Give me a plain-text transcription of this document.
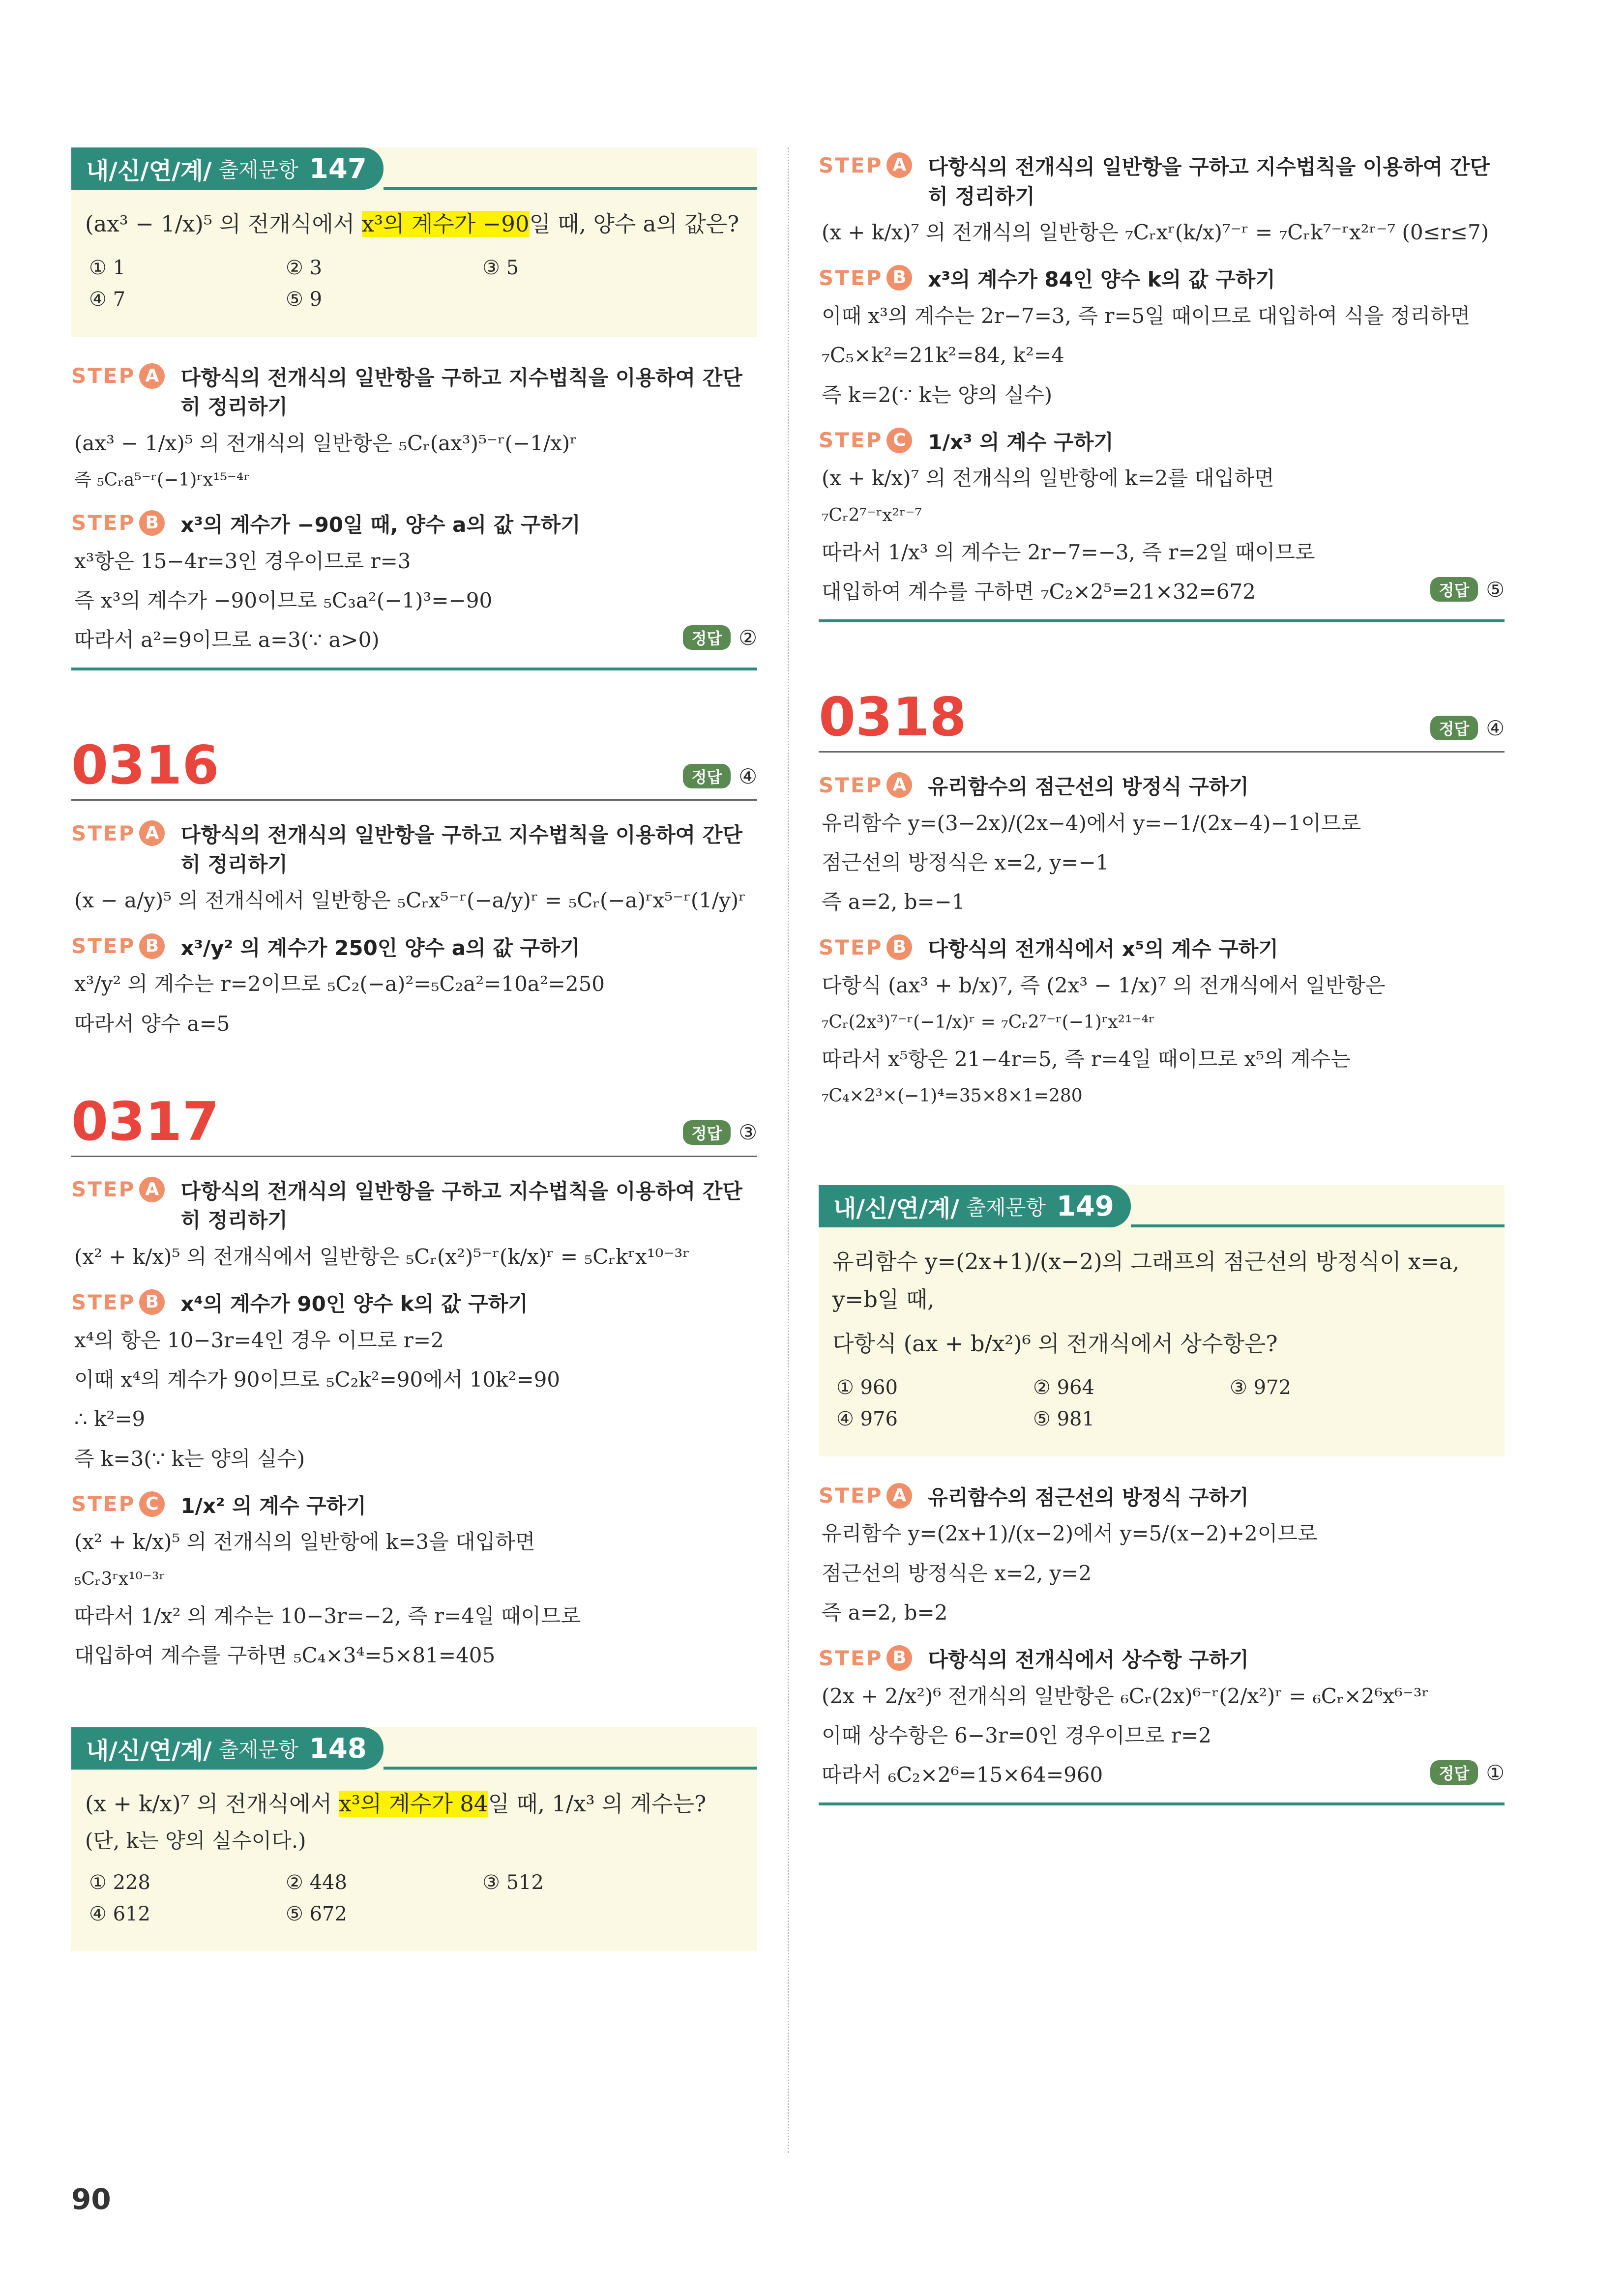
내/신/연/계/ 출제문항 147
(ax³ − 1/x)⁵ 의 전개식에서 x³의 계수가 −90일 때, 양수 a의 값은?
① 1	② 3	③ 5
④ 7	⑤ 9
STEP A 다항식의 전개식의 일반항을 구하고 지수법칙을 이용하여 간단히 정리하기
(ax³ − 1/x)⁵ 의 전개식의 일반항은 ₅Cᵣ(ax³)⁵⁻ʳ(−1/x)ʳ
즉 ₅Cᵣa⁵⁻ʳ(−1)ʳx¹⁵⁻⁴ʳ
STEP B x³의 계수가 −90일 때, 양수 a의 값 구하기
x³항은 15−4r=3인 경우이므로 r=3
즉 x³의 계수가 −90이므로 ₅C₃a²(−1)³=−90
따라서 a²=9이므로 a=3(∵ a>0)	정답 ②
0316	정답 ④
STEP A 다항식의 전개식의 일반항을 구하고 지수법칙을 이용하여 간단히 정리하기
(x − a/y)⁵ 의 전개식에서 일반항은 ₅Cᵣx⁵⁻ʳ(−a/y)ʳ = ₅Cᵣ(−a)ʳx⁵⁻ʳ(1/y)ʳ
STEP B x³/y² 의 계수가 250인 양수 a의 값 구하기
x³/y² 의 계수는 r=2이므로 ₅C₂(−a)²=₅C₂a²=10a²=250
따라서 양수 a=5
0317	정답 ③
STEP A 다항식의 전개식의 일반항을 구하고 지수법칙을 이용하여 간단히 정리하기
(x² + k/x)⁵ 의 전개식에서 일반항은 ₅Cᵣ(x²)⁵⁻ʳ(k/x)ʳ = ₅Cᵣkʳx¹⁰⁻³ʳ
STEP B x⁴의 계수가 90인 양수 k의 값 구하기
x⁴의 항은 10−3r=4인 경우 이므로 r=2
이때 x⁴의 계수가 90이므로 ₅C₂k²=90에서 10k²=90
∴ k²=9
즉 k=3(∵ k는 양의 실수)
STEP C	1/x² 의 계수 구하기
(x² + k/x)⁵ 의 전개식의 일반항에 k=3을 대입하면
₅Cᵣ3ʳx¹⁰⁻³ʳ
따라서 1/x² 의 계수는 10−3r=−2, 즉 r=4일 때이므로
대입하여 계수를 구하면 ₅C₄×3⁴=5×81=405
내/신/연/계/ 출제문항 148
(x + k/x)⁷ 의 전개식에서 x³의 계수가 84일 때, 1/x³ 의 계수는?
(단, k는 양의 실수이다.)
① 228	② 448	③ 512
④ 612	⑤ 672
STEP A 다항식의 전개식의 일반항을 구하고 지수법칙을 이용하여 간단히 정리하기
(x + k/x)⁷ 의 전개식의 일반항은 ₇Cᵣxʳ(k/x)⁷⁻ʳ = ₇Cᵣk⁷⁻ʳx²ʳ⁻⁷ (0≤r≤7)
STEP B x³의 계수가 84인 양수 k의 값 구하기
이때 x³의 계수는 2r−7=3, 즉 r=5일 때이므로 대입하여 식을 정리하면
₇C₅×k²=21k²=84, k²=4
즉 k=2(∵ k는 양의 실수)
STEP C	1/x³ 의 계수 구하기
(x + k/x)⁷ 의 전개식의 일반항에 k=2를 대입하면
₇Cᵣ2⁷⁻ʳx²ʳ⁻⁷
따라서 1/x³ 의 계수는 2r−7=−3, 즉 r=2일 때이므로
대입하여 계수를 구하면 ₇C₂×2⁵=21×32=672	정답 ⑤
0318	정답 ④
STEP A 유리함수의 점근선의 방정식 구하기
유리함수 y=(3−2x)/(2x−4)에서 y=−1/(2x−4)−1이므로
점근선의 방정식은 x=2, y=−1
즉 a=2, b=−1
STEP B 다항식의 전개식에서 x⁵의 계수 구하기
다항식 (ax³ + b/x)⁷, 즉 (2x³ − 1/x)⁷ 의 전개식에서 일반항은
₇Cᵣ(2x³)⁷⁻ʳ(−1/x)ʳ = ₇Cᵣ2⁷⁻ʳ(−1)ʳx²¹⁻⁴ʳ
따라서 x⁵항은 21−4r=5, 즉 r=4일 때이므로 x⁵의 계수는
₇C₄×2³×(−1)⁴=35×8×1=280
내/신/연/계/ 출제문항 149
유리함수 y=(2x+1)/(x−2)의 그래프의 점근선의 방정식이 x=a, y=b일 때,
다항식 (ax + b/x²)⁶ 의 전개식에서 상수항은?
① 960	② 964	③ 972
④ 976	⑤ 981
STEP A 유리함수의 점근선의 방정식 구하기
유리함수 y=(2x+1)/(x−2)에서 y=5/(x−2)+2이므로
점근선의 방정식은 x=2, y=2
즉 a=2, b=2
STEP B 다항식의 전개식에서 상수항 구하기
(2x + 2/x²)⁶ 전개식의 일반항은 ₆Cᵣ(2x)⁶⁻ʳ(2/x²)ʳ = ₆Cᵣ×2⁶x⁶⁻³ʳ
이때 상수항은 6−3r=0인 경우이므로 r=2
따라서 ₆C₂×2⁶=15×64=960	정답 ①
90
